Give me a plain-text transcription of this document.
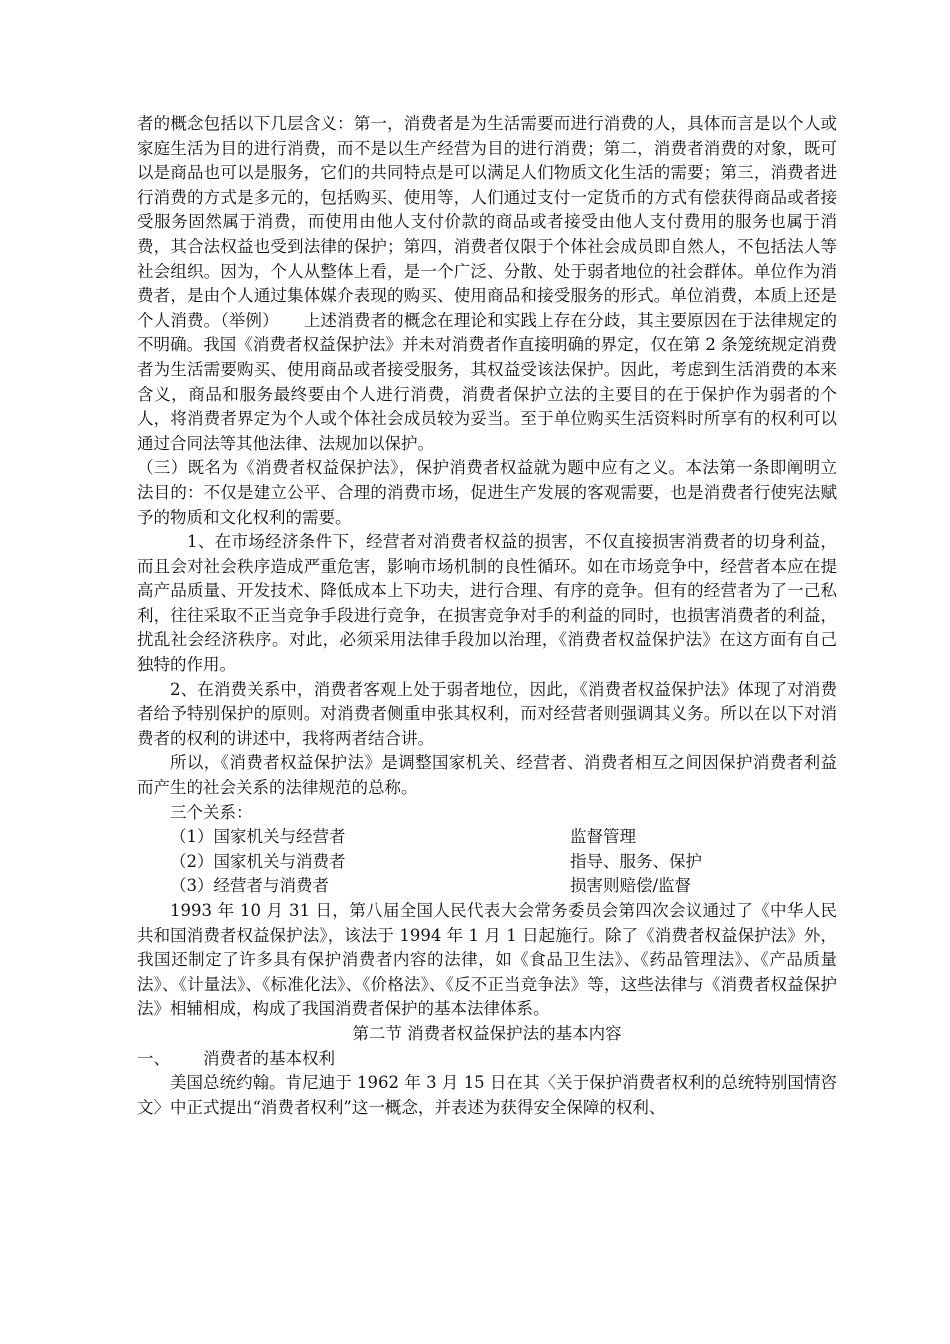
者的概念包括以下几层含义：第一，消费者是为生活需要而进行消费的人，具体而言是以个人或家庭生活为目的进行消费，而不是以生产经营为目的进行消费；第二，消费者消费的对象，既可以是商品也可以是服务，它们的共同特点是可以满足人们物质文化生活的需要；第三，消费者进行消费的方式是多元的，包括购买、使用等，人们通过支付一定货币的方式有偿获得商品或者接受服务固然属于消费，而使用由他人支付价款的商品或者接受由他人支付费用的服务也属于消费，其合法权益也受到法律的保护；第四，消费者仅限于个体社会成员即自然人，不包括法人等社会组织。因为，个人从整体上看，是一个广泛、分散、处于弱者地位的社会群体。单位作为消费者，是由个人通过集体媒介表现的购买、使用商品和接受服务的形式。单位消费，本质上还是个人消费。（举例）　　上述消费者的概念在理论和实践上存在分歧，其主要原因在于法律规定的不明确。我国《消费者权益保护法》并未对消费者作直接明确的界定，仅在第 2 条笼统规定消费者为生活需要购买、使用商品或者接受服务，其权益受该法保护。因此，考虑到生活消费的本来含义，商品和服务最终要由个人进行消费，消费者保护立法的主要目的在于保护作为弱者的个人，将消费者界定为个人或个体社会成员较为妥当。至于单位购买生活资料时所享有的权利可以通过合同法等其他法律、法规加以保护。

（三）既名为《消费者权益保护法》，保护消费者权益就为题中应有之义。本法第一条即阐明立法目的：不仅是建立公平、合理的消费市场，促进生产发展的客观需要，也是消费者行使宪法赋予的物质和文化权利的需要。

1、在市场经济条件下，经营者对消费者权益的损害，不仅直接损害消费者的切身利益，而且会对社会秩序造成严重危害，影响市场机制的良性循环。如在市场竞争中，经营者本应在提高产品质量、开发技术、降低成本上下功夫，进行合理、有序的竞争。但有的经营者为了一己私利，往往采取不正当竞争手段进行竞争，在损害竞争对手的利益的同时，也损害消费者的利益，扰乱社会经济秩序。对此，必须采用法律手段加以治理，《消费者权益保护法》在这方面有自己独特的作用。

2、在消费关系中，消费者客观上处于弱者地位，因此，《消费者权益保护法》体现了对消费者给予特别保护的原则。对消费者侧重申张其权利，而对经营者则强调其义务。所以在以下对消费者的权利的讲述中，我将两者结合讲。

所以，《消费者权益保护法》是调整国家机关、经营者、消费者相互之间因保护消费者利益而产生的社会关系的法律规范的总称。

三个关系：

（1）国家机关与经营者	监督管理
（2）国家机关与消费者	指导、服务、保护
（3）经营者与消费者	损害则赔偿/监督

1993 年 10 月 31 日，第八届全国人民代表大会常务委员会第四次会议通过了《中华人民共和国消费者权益保护法》，该法于 1994 年 1 月 1 日起施行。除了《消费者权益保护法》外，我国还制定了许多具有保护消费者内容的法律，如《食品卫生法》、《药品管理法》、《产品质量法》、《计量法》、《标准化法》、《价格法》、《反不正当竞争法》等，这些法律与《消费者权益保护法》相辅相成，构成了我国消费者保护的基本法律体系。

第二节 消费者权益保护法的基本内容
一、	消费者的基本权利

美国总统约翰。肯尼迪于 1962 年 3 月 15 日在其〈关于保护消费者权利的总统特别国情咨文〉中正式提出“消费者权利”这一概念，并表述为获得安全保障的权利、
